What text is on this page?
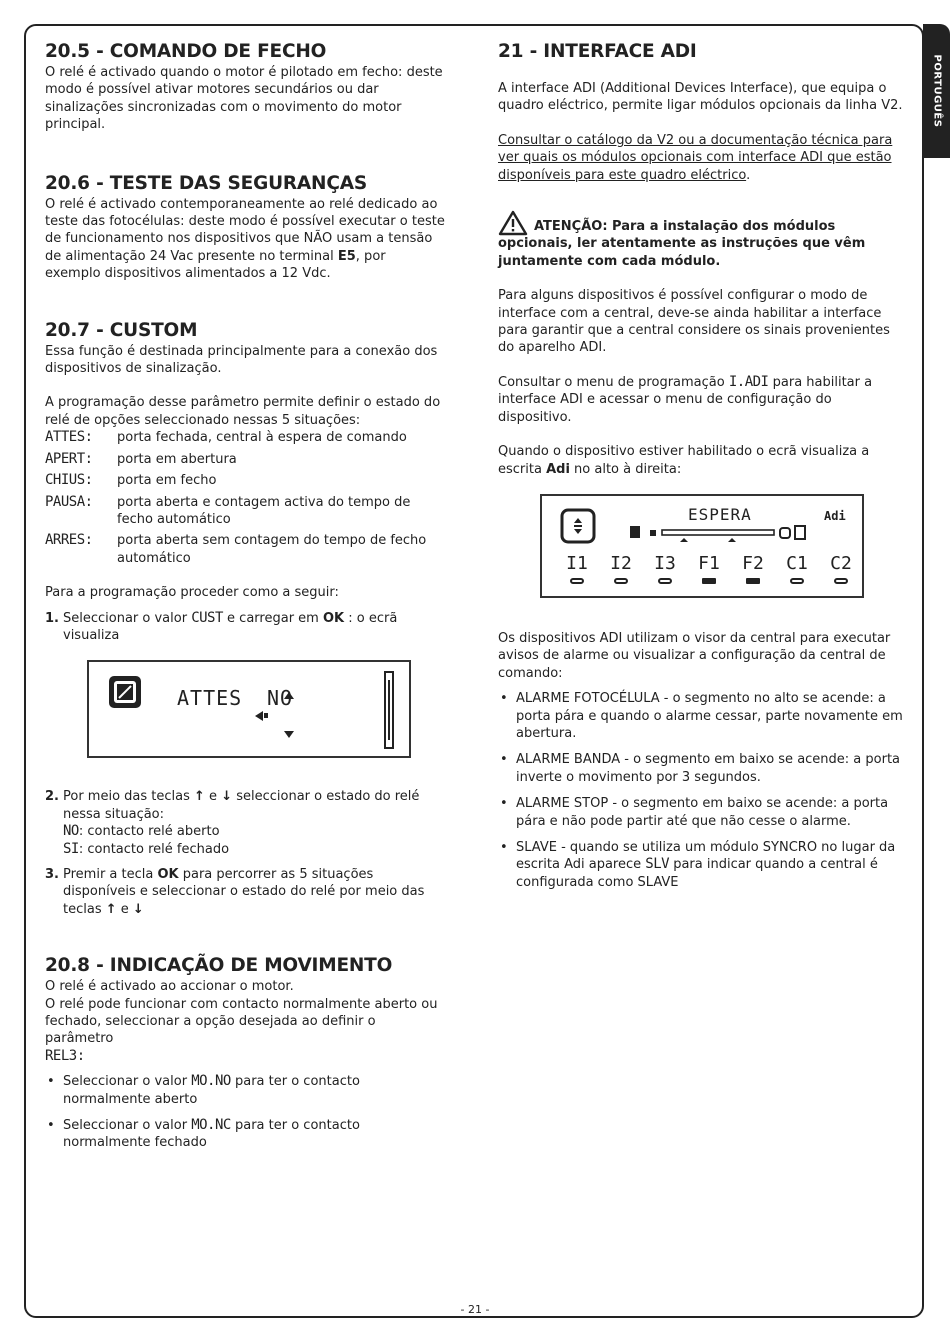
PORTUGUÊS
20.5 - COMANDO DE FECHO

O relé é activado quando o motor é pilotado em fecho: deste modo é possível ativar motores secundários ou dar sinalizações sincronizadas com o movimento do motor principal.

20.6 - TESTE DAS SEGURANÇAS

O relé é activado contemporaneamente ao relé dedicado ao teste das fotocélulas: deste modo é possível executar o teste de funcionamento nos dispositivos que NÃO usam a tensão de alimentação 24 Vac presente no terminal E5, por exemplo dispositivos alimentados a 12 Vdc.

20.7 - CUSTOM

Essa função é destinada principalmente para a conexão dos dispositivos de sinalização.

A programação desse parâmetro permite definir o estado do relé de opções seleccionado nessas 5 situações:

ATTES:	porta fechada, central à espera de comando
APERT:	porta em abertura
CHIUS:	porta em fecho
PAUSA:	porta aberta e contagem activa do tempo de fecho automático
ARRES:	porta aberta sem contagem do tempo de fecho automático

Para a programação proceder como a seguir:

1. Seleccionar o valor CUST e carregar em OK : o ecrã visualiza
ATTES NO
2. Por meio das teclas ↑ e ↓ seleccionar o estado do relé nessa situação:
NO: contacto relé aberto
SI: contacto relé fechado
3. Premir a tecla OK para percorrer as 5 situações disponíveis e seleccionar o estado do relé por meio das teclas ↑ e ↓
20.8 - INDICAÇÃO DE MOVIMENTO

O relé é activado ao accionar o motor.

O relé pode funcionar com contacto normalmente aberto ou fechado, seleccionar a opção desejada ao definir o parâmetro

REL3:

• Seleccionar o valor MO.NO para ter o contacto normalmente aberto
• Seleccionar o valor MO.NC para ter o contacto normalmente fechado
21 - INTERFACE ADI

A interface ADI (Additional Devices Interface), que equipa o quadro eléctrico, permite ligar módulos opcionais da linha V2.

Consultar o catálogo da V2 ou a documentação técnica para ver quais os módulos opcionais com interface ADI que estão disponíveis para este quadro eléctrico.

ATENÇÃO: Para a instalação dos módulos opcionais, ler atentamente as instruções que vêm juntamente com cada módulo.

Para alguns dispositivos é possível configurar o modo de interface com a central, deve-se ainda habilitar a interface para garantir que a central considere os sinais provenientes do aparelho ADI.

Consultar o menu de programação I.ADI para habilitar a interface ADI e acessar o menu de configuração do dispositivo.

Quando o dispositivo estiver habilitado o ecrã visualiza a escrita Adi no alto à direita:

ESPERA	Adi
I1	I2	I3	F1	F2	C1	C2

Os dispositivos ADI utilizam o visor da central para executar avisos de alarme ou visualizar a configuração da central de comando:

• ALARME FOTOCÉLULA - o segmento no alto se acende: a porta pára e quando o alarme cessar, parte novamente em abertura.
• ALARME BANDA - o segmento em baixo se acende: a porta inverte o movimento por 3 segundos.
• ALARME STOP - o segmento em baixo se acende: a porta pára e não pode partir até que não cesse o alarme.
• SLAVE - quando se utiliza um módulo SYNCRO no lugar da escrita Adi aparece SLV para indicar quando a central é configurada como SLAVE
- 21 -
